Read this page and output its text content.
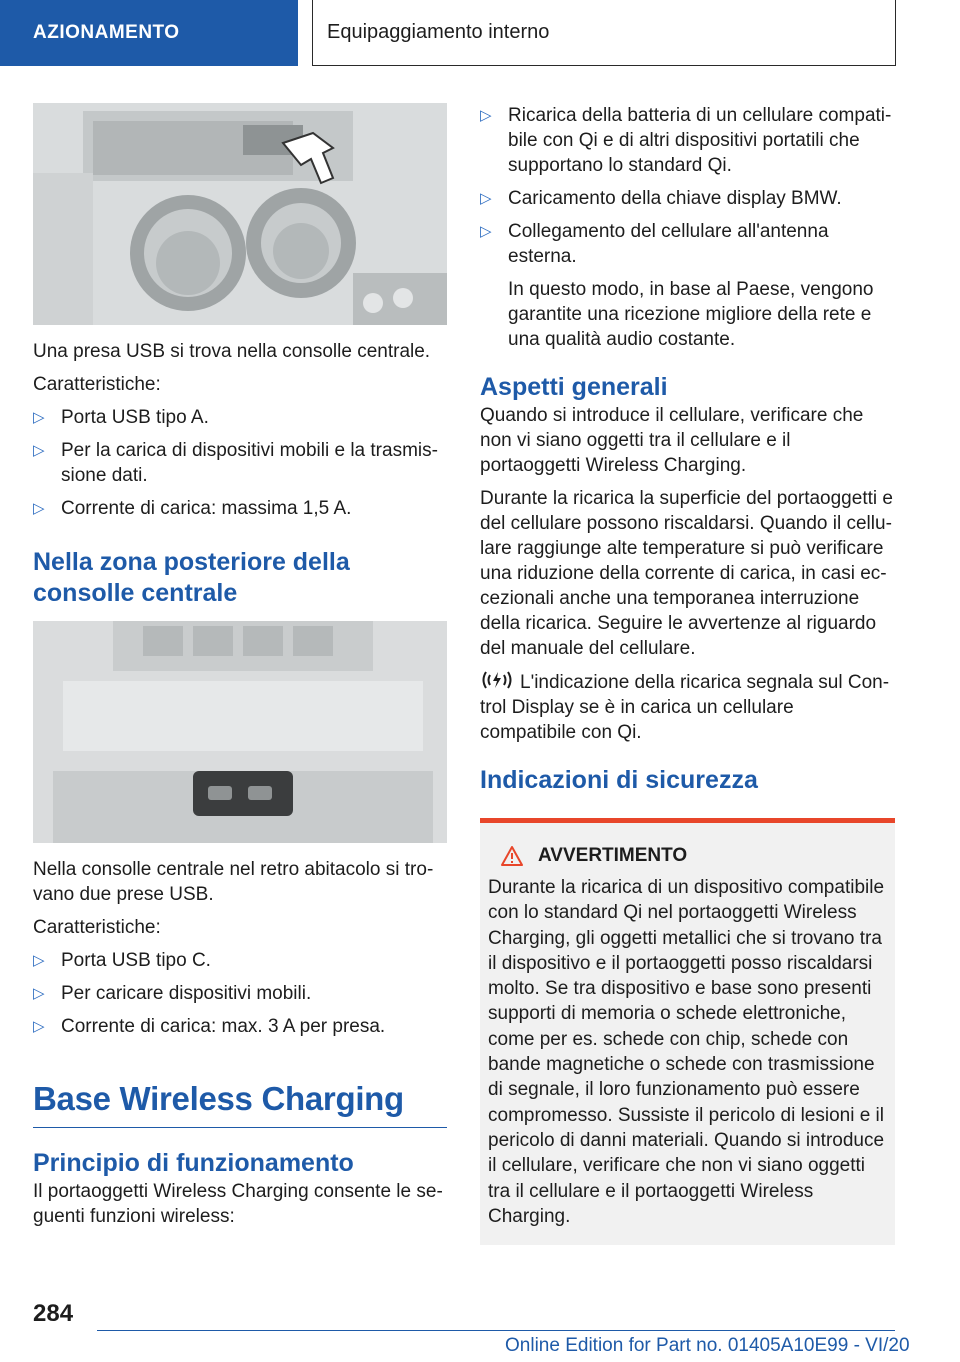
AZIONAMENTO	Equipaggiamento interno

Una presa USB si trova nella consolle centrale.

Caratteristiche:

▷ Porta USB tipo A.
▷ Per la carica di dispositivi mobili e la trasmissione dati.
▷ Corrente di carica: massima 1,5 A.
Nella zona posteriore della consolle centrale

Nella consolle centrale nel retro abitacolo si trovano due prese USB.

Caratteristiche:

▷ Porta USB tipo C.
▷ Per caricare dispositivi mobili.
▷ Corrente di carica: max. 3 A per presa.
Base Wireless Charging
Principio di funzionamento

Il portaoggetti Wireless Charging consente le seguenti funzioni wireless:

▷ Ricarica della batteria di un cellulare compatibile con Qi e di altri dispositivi portatili che supportano lo standard Qi.
▷ Caricamento della chiave display BMW.
▷ Collegamento del cellulare all'antenna esterna.

In questo modo, in base al Paese, vengono garantite una ricezione migliore della rete e una qualità audio costante.

Aspetti generali

Quando si introduce il cellulare, verificare che non vi siano oggetti tra il cellulare e il portaoggetti Wireless Charging.

Durante la ricarica la superficie del portaoggetti e del cellulare possono riscaldarsi. Quando il cellulare raggiunge alte temperature si può verificare una riduzione della corrente di carica, in casi eccezionali anche una temporanea interruzione della ricarica. Seguire le avvertenze al riguardo del manuale del cellulare.

L'indicazione della ricarica segnala sul Control Display se è in carica un cellulare compatibile con Qi.

Indicazioni di sicurezza
AVVERTIMENTO

Durante la ricarica di un dispositivo compatibile con lo standard Qi nel portaoggetti Wireless Charging, gli oggetti metallici che si trovano tra il dispositivo e il portaoggetti posso riscaldarsi molto. Se tra dispositivo e base sono presenti supporti di memoria o schede elettroniche, come per es. schede con chip, schede con bande magnetiche o schede con trasmissione di segnale, il loro funzionamento può essere compromesso. Sussiste il pericolo di lesioni e il pericolo di danni materiali. Quando si introduce il cellulare, verificare che non vi siano oggetti tra il cellulare e il portaoggetti Wireless Charging.

284
Online Edition for Part no. 01405A10E99 - VI/20
